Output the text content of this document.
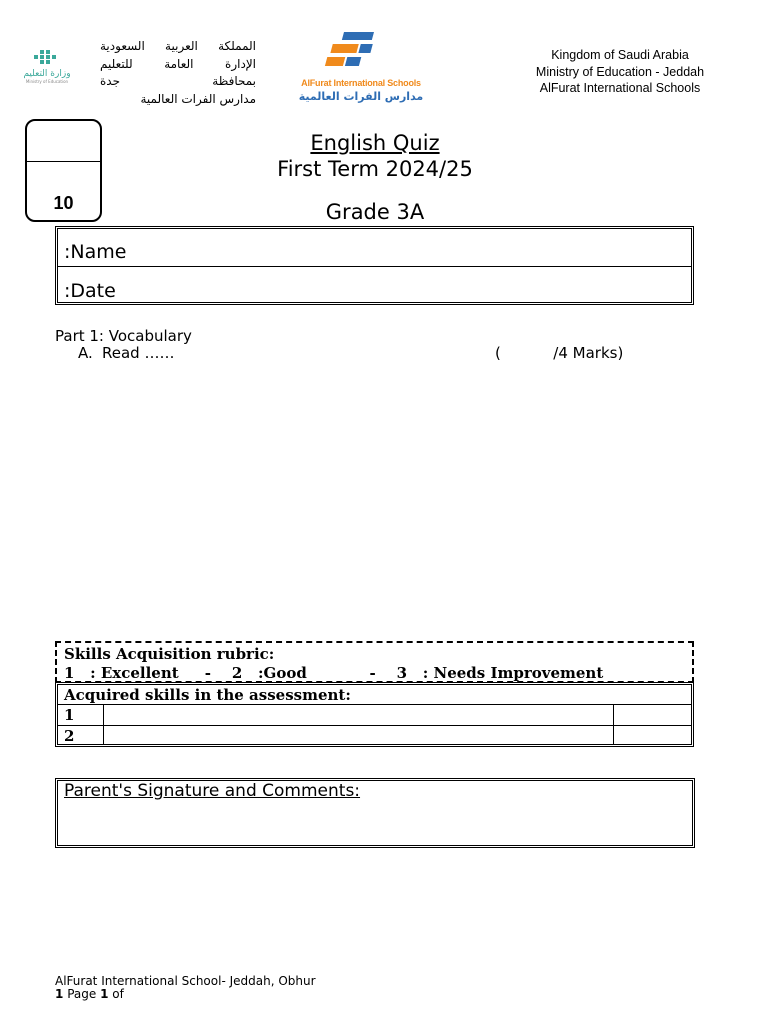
وزارة التعليم
Ministry of Education
المملكة العربية السعودية
الإدارة العامة للتعليم
بمحافظة جدة
مدارس الفرات العالمية
AlFurat International Schools
مدارس الفرات العالمية
Kingdom of Saudi Arabia
Ministry of Education - Jeddah
AlFurat International Schools
10
English Quiz
First Term 2024/25
Grade 3A
:Name
:Date
Part 1: Vocabulary
A. Read ……	(           /4 Marks)
Skills Acquisition rubric:
1   : Excellent     -    2   :Good            -    3   : Needs Improvement
Acquired skills in the assessment:
1
2
Parent's Signature and Comments:
AlFurat International School- Jeddah, Obhur
1 Page 1 of
